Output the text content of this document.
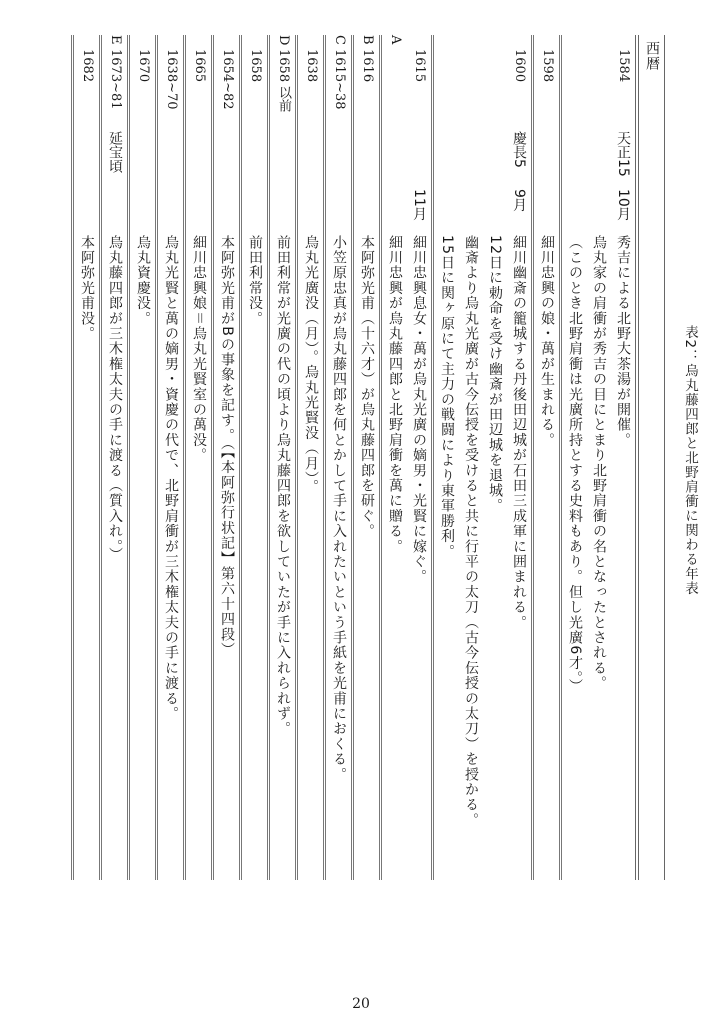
表2：烏丸藤四郎と北野肩衝に関わる年表
西暦
1584
天正15
10月
秀吉による北野大茶湯が開催。
烏丸家の肩衝が秀吉の目にとまり北野肩衝の名となったとされる。
（このとき北野肩衝は光廣所持とする史料もあり。但し光廣6才。）
1598
細川忠興の娘・萬が生まれる。
1600
慶長5
9月
細川幽斎の籠城する丹後田辺城が石田三成軍に囲まれる。
12日に勅命を受け幽斎が田辺城を退城。
幽斎より烏丸光廣が古今伝授を受けると共に行平の太刀（古今伝授の太刀）を授かる。
15日に関ヶ原にて主力の戦闘により東軍勝利。
1615
11月
細川忠興息女・萬が烏丸光廣の嫡男・光賢に嫁ぐ。
A
細川忠興が烏丸藤四郎と北野肩衝を萬に贈る。
B
1616
本阿弥光甫（十六才）が烏丸藤四郎を研ぐ。
C
1615~38
小笠原忠真が烏丸藤四郎を何とかして手に入れたいという手紙を光甫におくる。
1638
烏丸光廣没（月）。烏丸光賢没（月）。
D
1658 以前
前田利常が光廣の代の頃より烏丸藤四郎を欲していたが手に入れられず。
1658
前田利常没。
1654~82
本阿弥光甫がBの事象を記す。（【本阿弥行状記】第六十四段）
1665
細川忠興娘＝烏丸光賢室の萬没。
1638~70
烏丸光賢と萬の嫡男・資慶の代で、北野肩衝が三木権太夫の手に渡る。
1670
烏丸資慶没。
E
1673~81
延宝頃
烏丸藤四郎が三木権太夫の手に渡る（質入れ。）
1682
本阿弥光甫没。
20
